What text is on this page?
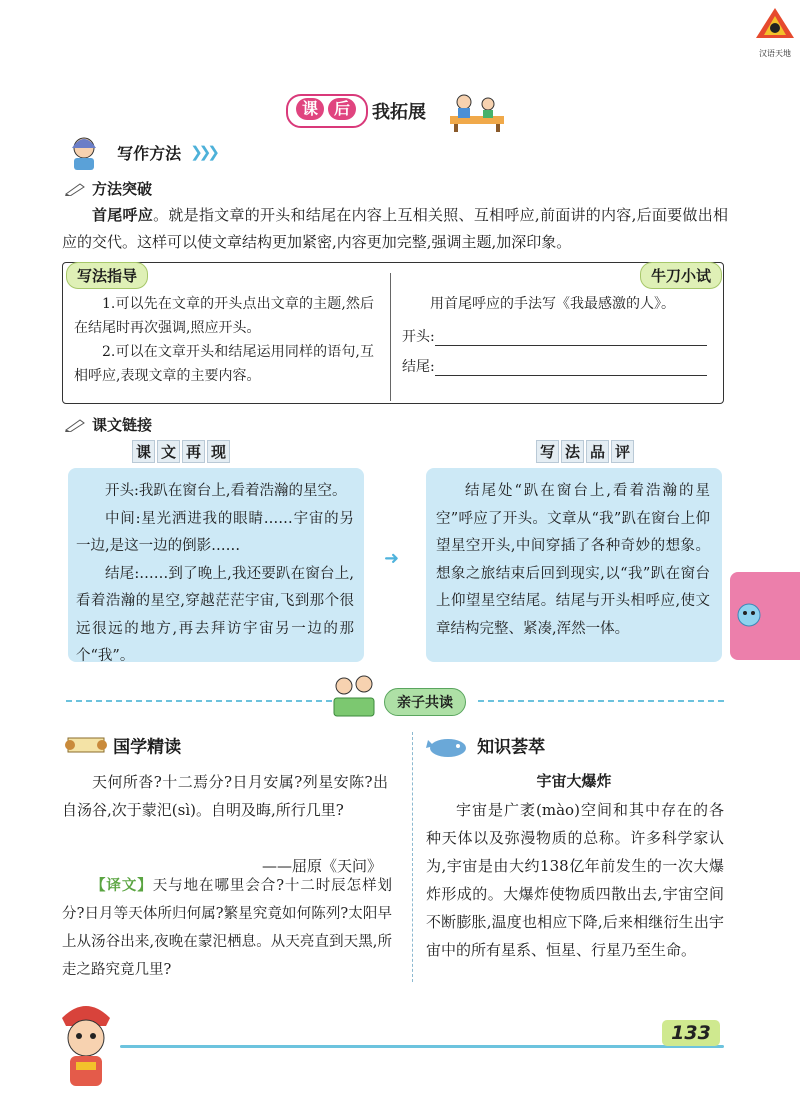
汉语天地
课 后	我拓展
写作方法 ❯❯❯
方法突破
首尾呼应。就是指文章的开头和结尾在内容上互相关照、互相呼应,前面讲的内容,后面要做出相应的交代。这样可以使文章结构更加紧密,内容更加完整,强调主题,加深印象。
写法指导	牛刀小试
1.可以先在文章的开头点出文章的主题,然后在结尾时再次强调,照应开头。
2.可以在文章开头和结尾运用同样的语句,互相呼应,表现文章的主要内容。
用首尾呼应的手法写《我最感激的人》。
开头:
结尾:
课文链接
课 文 再 现	写 法 品 评

开头:我趴在窗台上,看着浩瀚的星空。

中间:星光洒进我的眼睛……宇宙的另一边,是这一边的倒影……

结尾:……到了晚上,我还要趴在窗台上,看着浩瀚的星空,穿越茫茫宇宙,飞到那个很远很远的地方,再去拜访宇宙另一边的那个“我”。

➜

结尾处“趴在窗台上,看着浩瀚的星空”呼应了开头。文章从“我”趴在窗台上仰望星空开头,中间穿插了各种奇妙的想象。想象之旅结束后回到现实,以“我”趴在窗台上仰望星空结尾。结尾与开头相呼应,使文章结构完整、紧凑,浑然一体。

亲子共读
国学精读
天何所沓?十二焉分?日月安属?列星安陈?出自汤谷,次于蒙汜(sì)。自明及晦,所行几里?
——屈原《天问》
【译文】天与地在哪里会合?十二时辰怎样划分?日月等天体所归何属?繁星究竟如何陈列?太阳早上从汤谷出来,夜晚在蒙汜栖息。从天亮直到天黑,所走之路究竟几里?
知识荟萃
宇宙大爆炸
宇宙是广袤(mào)空间和其中存在的各种天体以及弥漫物质的总称。许多科学家认为,宇宙是由大约138亿年前发生的一次大爆炸形成的。大爆炸使物质四散出去,宇宙空间不断膨胀,温度也相应下降,后来相继衍生出宇宙中的所有星系、恒星、行星乃至生命。
133
